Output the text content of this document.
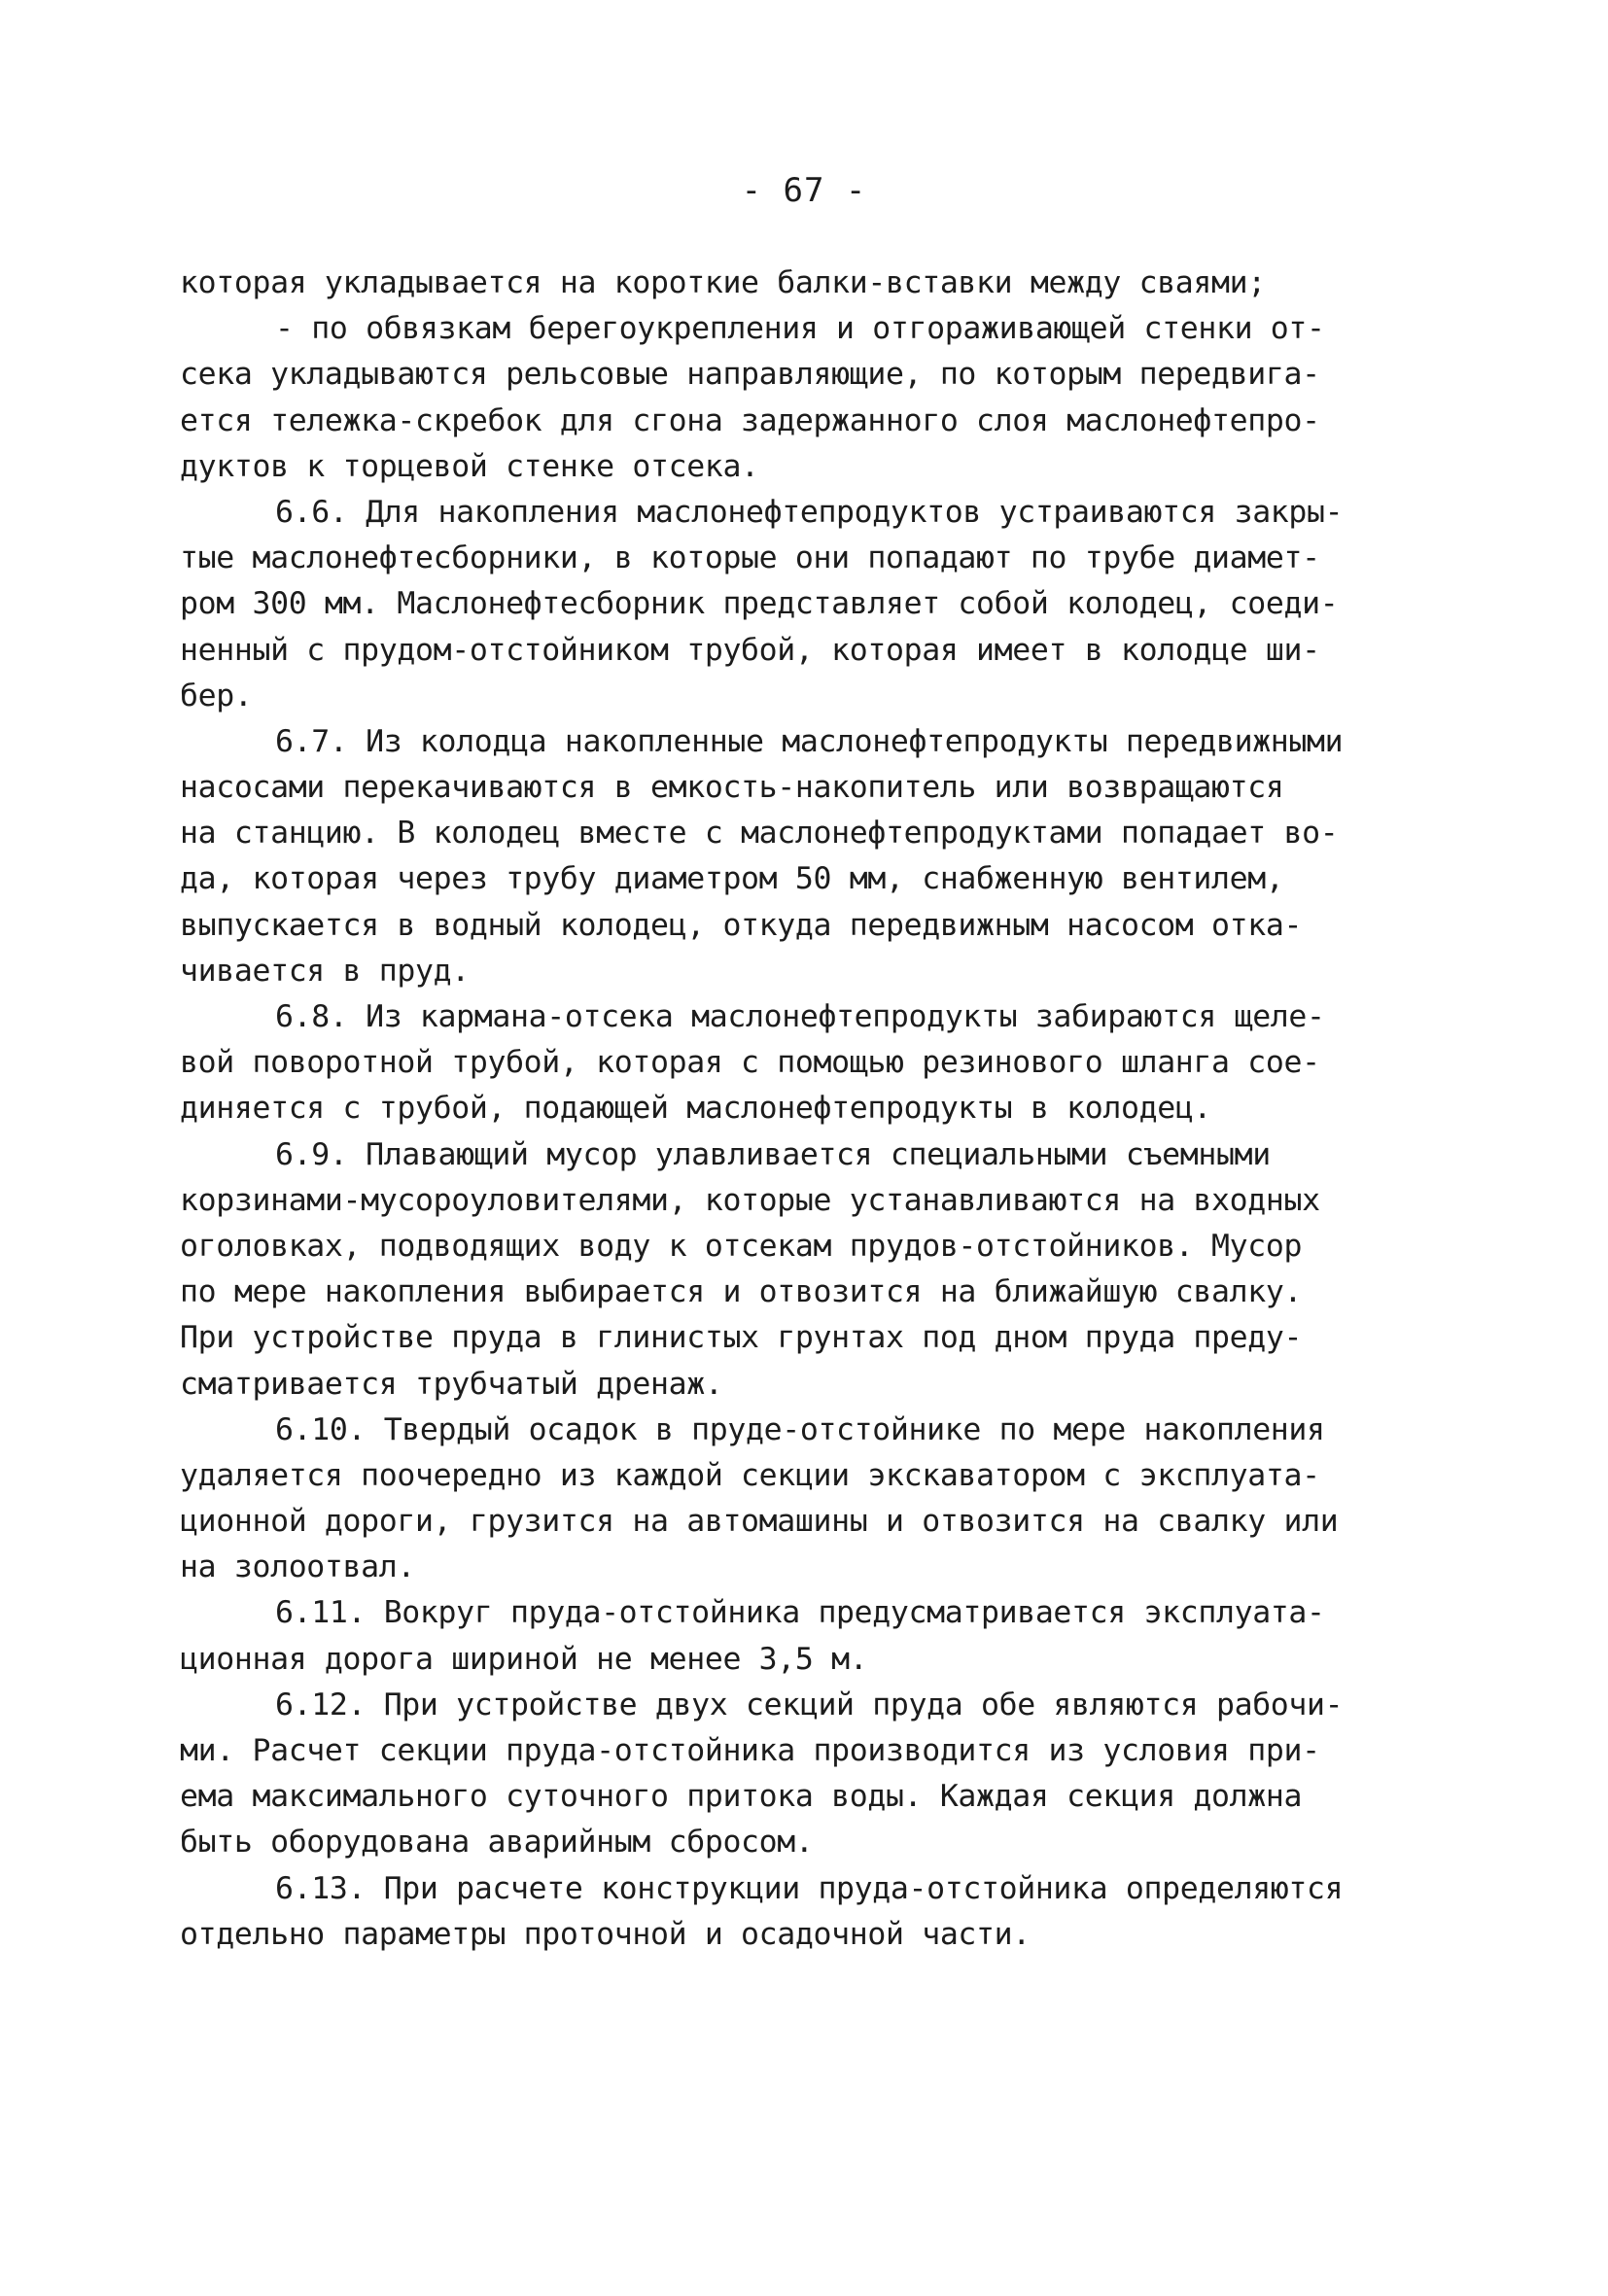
- 67 -
которая укладывается на короткие балки-вставки между сваями;
- по обвязкам берегоукрепления и отгораживающей стенки от-
сека укладываются рельсовые направляющие, по которым передвига-
ется тележка-скребок для сгона задержанного слоя маслонефтепро-
дуктов к торцевой стенке отсека.
6.6. Для накопления маслонефтепродуктов устраиваются закры-
тые маслонефтесборники, в которые они попадают по трубе диамет-
ром 300 мм. Маслонефтесборник представляет собой колодец, соеди-
ненный с прудом-отстойником трубой, которая имеет в колодце ши-
бер.
6.7. Из колодца накопленные маслонефтепродукты передвижными
насосами перекачиваются в емкость-накопитель или возвращаются
на станцию. В колодец вместе с маслонефтепродуктами попадает во-
да, которая через трубу диаметром 50 мм, снабженную вентилем,
выпускается в водный колодец, откуда передвижным насосом отка-
чивается в пруд.
6.8. Из кармана-отсека маслонефтепродукты забираются щеле-
вой поворотной трубой, которая с помощью резинового шланга сое-
диняется с трубой, подающей маслонефтепродукты в колодец.
6.9. Плавающий мусор улавливается специальными съемными
корзинами-мусороуловителями, которые устанавливаются на входных
оголовках, подводящих воду к отсекам прудов-отстойников. Мусор
по мере накопления выбирается и отвозится на ближайшую свалку.
При устройстве пруда в глинистых грунтах под дном пруда преду-
сматривается трубчатый дренаж.
6.10. Твердый осадок в пруде-отстойнике по мере накопления
удаляется поочередно из каждой секции экскаватором с эксплуата-
ционной дороги, грузится на автомашины и отвозится на свалку или
на золоотвал.
6.11. Вокруг пруда-отстойника предусматривается эксплуата-
ционная дорога шириной не менее 3,5 м.
6.12. При устройстве двух секций пруда обе являются рабочи-
ми. Расчет секции пруда-отстойника производится из условия при-
ема максимального суточного притока воды. Каждая секция должна
быть оборудована аварийным сбросом.
6.13. При расчете конструкции пруда-отстойника определяются
отдельно параметры проточной и осадочной части.
